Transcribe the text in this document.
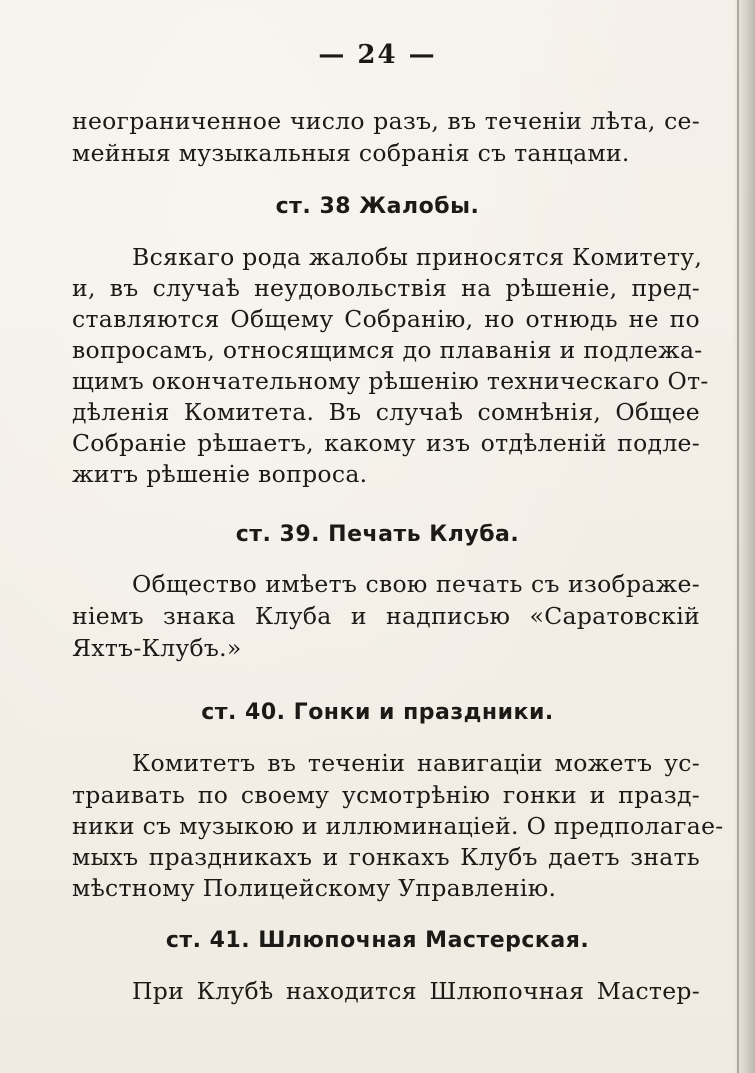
— 24 —
неограниченное число разъ, въ теченіи лѣта, се-
мейныя музыкальныя собранія съ танцами.
ст. 38 Жалобы.
Всякаго рода жалобы приносятся Комитету,
и, въ случаѣ неудовольствія на рѣшеніе, пред-
ставляются Общему Собранію, но отнюдь не по
вопросамъ, относящимся до плаванія и подлежа-
щимъ окончательному рѣшенію техническаго От-
дѣленія Комитета. Въ случаѣ сомнѣнія, Общее
Собраніе рѣшаетъ, какому изъ отдѣленій подле-
житъ рѣшеніе вопроса.
ст. 39. Печать Клуба.
Общество имѣетъ свою печать съ изображе-
ніемъ знака Клуба и надписью «Саратовскій
Яхтъ-Клубъ.»
ст. 40. Гонки и праздники.
Комитетъ въ теченіи навигаціи можетъ ус-
траивать по своему усмотрѣнію гонки и празд-
ники съ музыкою и иллюминаціей. О предполагае-
мыхъ праздникахъ и гонкахъ Клубъ даетъ знать
мѣстному Полицейскому Управленію.
ст. 41. Шлюпочная Мастерская.
При Клубѣ находится Шлюпочная Мастер-
